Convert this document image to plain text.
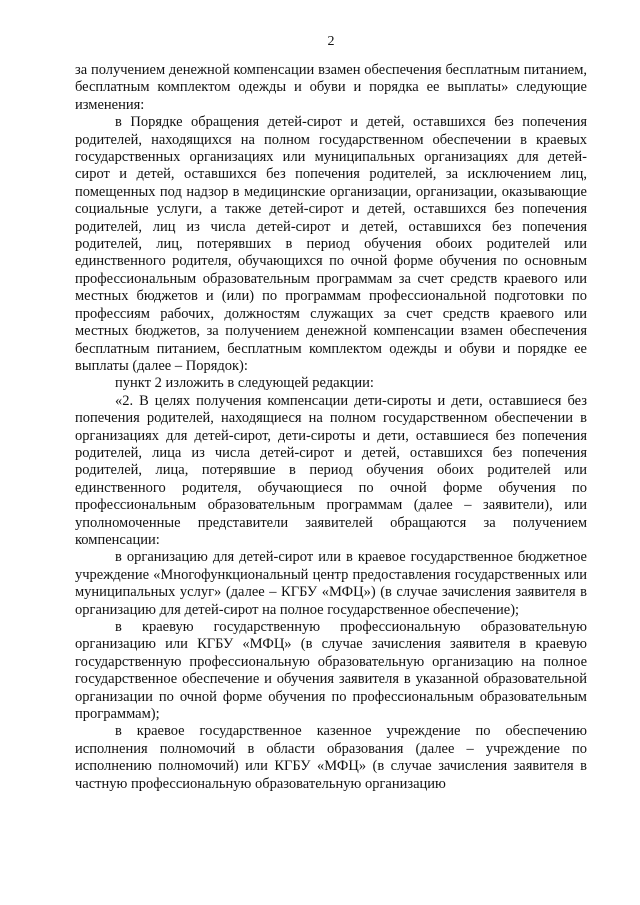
2

за получением денежной компенсации взамен обеспечения бесплатным питанием, бесплатным комплектом одежды и обуви и порядка ее выплаты» следующие изменения:

в Порядке обращения детей-сирот и детей, оставшихся без попечения родителей, находящихся на полном государственном обеспечении в краевых государственных организациях или муниципальных организациях для детей-сирот и детей, оставшихся без попечения родителей, за исключением лиц, помещенных под надзор в медицинские организации, организации, оказывающие социальные услуги, а также детей-сирот и детей, оставшихся без попечения родителей, лиц из числа детей-сирот и детей, оставшихся без попечения родителей, лиц, потерявших в период обучения обоих родителей или единственного родителя, обучающихся по очной форме обучения по основным профессиональным образовательным программам за счет средств краевого или местных бюджетов и (или) по программам профессиональной подготовки по профессиям рабочих, должностям служащих за счет средств краевого или местных бюджетов, за получением денежной компенсации взамен обеспечения бесплатным питанием, бесплатным комплектом одежды и обуви и порядке ее выплаты (далее – Порядок):

пункт 2 изложить в следующей редакции:

«2. В целях получения компенсации дети-сироты и дети, оставшиеся без попечения родителей, находящиеся на полном государственном обеспечении в организациях для детей-сирот, дети-сироты и дети, оставшиеся без попечения родителей, лица из числа детей-сирот и детей, оставшихся без попечения родителей, лица, потерявшие в период обучения обоих родителей или единственного родителя, обучающиеся по очной форме обучения по профессиональным образовательным программам (далее – заявители), или уполномоченные представители заявителей обращаются за получением компенсации:

в организацию для детей-сирот или в краевое государственное бюджетное учреждение «Многофункциональный центр предоставления государственных или муниципальных услуг» (далее – КГБУ «МФЦ») (в случае зачисления заявителя в организацию для детей-сирот на полное государственное обеспечение);

в краевую государственную профессиональную образовательную организацию или КГБУ «МФЦ» (в случае зачисления заявителя в краевую государственную профессиональную образовательную организацию на полное государственное обеспечение и обучения заявителя в указанной образовательной организации по очной форме обучения по профессиональным образовательным программам);

в краевое государственное казенное учреждение по обеспечению исполнения полномочий в области образования (далее – учреждение по исполнению полномочий) или КГБУ «МФЦ» (в случае зачисления заявителя в частную профессиональную образовательную организацию
